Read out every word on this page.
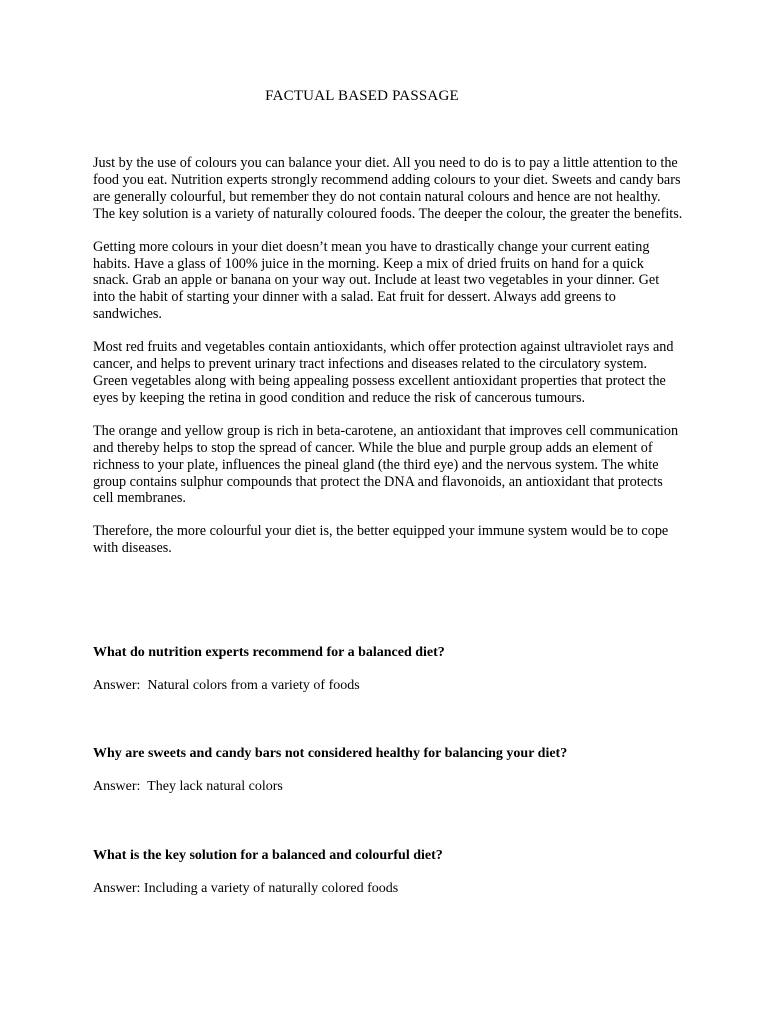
FACTUAL BASED PASSAGE

Just by the use of colours you can balance your diet. All you need to do is to pay a little attention to the food you eat. Nutrition experts strongly recommend adding colours to your diet. Sweets and candy bars are generally colourful, but remember they do not contain natural colours and hence are not healthy. The key solution is a variety of naturally coloured foods. The deeper the colour, the greater the benefits.

Getting more colours in your diet doesn’t mean you have to drastically change your current eating habits. Have a glass of 100% juice in the morning. Keep a mix of dried fruits on hand for a quick snack. Grab an apple or banana on your way out. Include at least two vegetables in your dinner. Get into the habit of starting your dinner with a salad. Eat fruit for dessert. Always add greens to sandwiches.

Most red fruits and vegetables contain antioxidants, which offer protection against ultraviolet rays and cancer, and helps to prevent urinary tract infections and diseases related to the circulatory system. Green vegetables along with being appealing possess excellent antioxidant properties that protect the eyes by keeping the retina in good condition and reduce the risk of cancerous tumours.

The orange and yellow group is rich in beta-carotene, an antioxidant that improves cell communication and thereby helps to stop the spread of cancer. While the blue and purple group adds an element of richness to your plate, influences the pineal gland (the third eye) and the nervous system. The white group contains sulphur compounds that protect the DNA and flavonoids, an antioxidant that protects cell membranes.

Therefore, the more colourful your diet is, the better equipped your immune system would be to cope with diseases.

What do nutrition experts recommend for a balanced diet?

Answer:  Natural colors from a variety of foods

Why are sweets and candy bars not considered healthy for balancing your diet?

Answer:  They lack natural colors

What is the key solution for a balanced and colourful diet?

Answer: Including a variety of naturally colored foods
